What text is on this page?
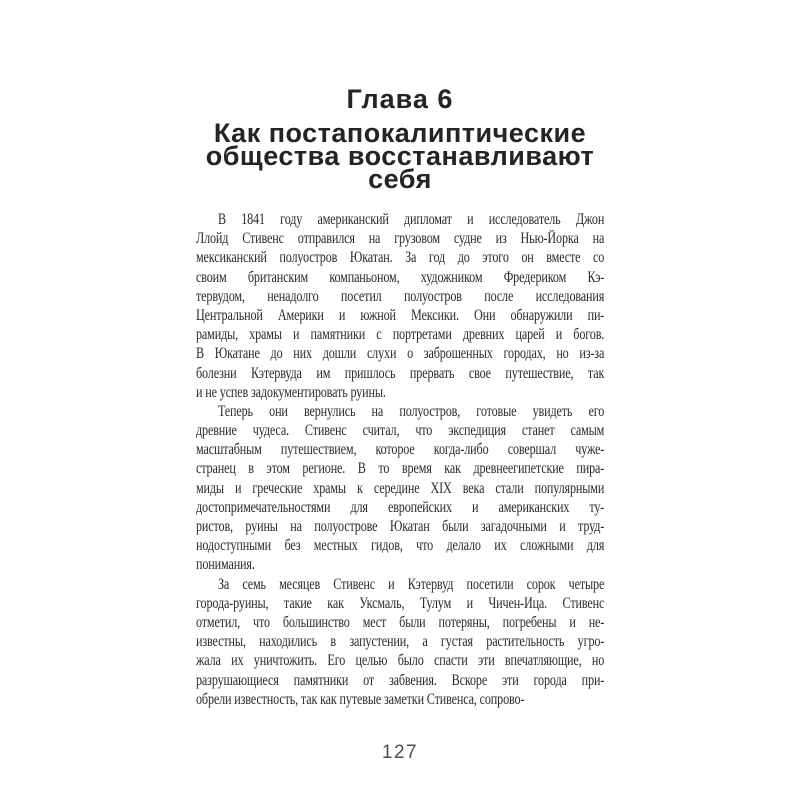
Глава 6
Как постапокалиптические
общества восстанавливают
себя
В 1841 году американский дипломат и исследователь Джон
Ллойд Стивенс отправился на грузовом судне из Нью-Йорка на
мексиканский полуостров Юкатан. За год до этого он вместе со
своим британским компаньоном, художником Фредериком Кэ-
тервудом, ненадолго посетил полуостров после исследования
Центральной Америки и южной Мексики. Они обнаружили пи-
рамиды, храмы и памятники с портретами древних царей и богов.
В Юкатане до них дошли слухи о заброшенных городах, но из-за
болезни Кэтервуда им пришлось прервать свое путешествие, так
и не успев задокументировать руины.
Теперь они вернулись на полуостров, готовые увидеть его
древние чудеса. Стивенс считал, что экспедиция станет самым
масштабным путешествием, которое когда-либо совершал чуже-
странец в этом регионе. В то время как древнеегипетские пира-
миды и греческие храмы к середине XIX века стали популярными
достопримечательностями для европейских и американских ту-
ристов, руины на полуострове Юкатан были загадочными и труд-
нодоступными без местных гидов, что делало их сложными для
понимания.
За семь месяцев Стивенс и Кэтервуд посетили сорок четыре
города-руины, такие как Уксмаль, Тулум и Чичен-Ица. Стивенс
отметил, что большинство мест были потеряны, погребены и не-
известны, находились в запустении, а густая растительность угро-
жала их уничтожить. Его целью было спасти эти впечатляющие, но
разрушающиеся памятники от забвения. Вскоре эти города при-
обрели известность, так как путевые заметки Стивенса, сопрово-
127
